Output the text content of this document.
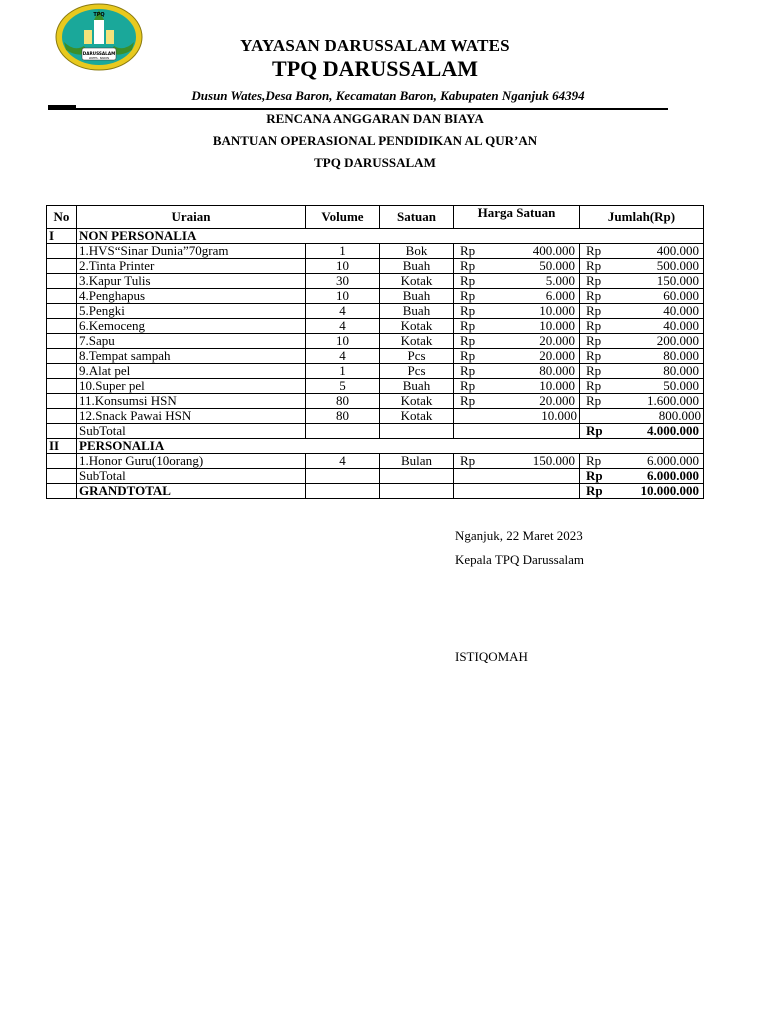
TPQ
DARUSSALAM
WATES · BARON
YAYASAN DARUSSALAM WATES
TPQ DARUSSALAM
Dusun Wates,Desa Baron, Kecamatan Baron, Kabupaten Nganjuk 64394
RENCANA ANGGARAN DAN BIAYA
BANTUAN OPERASIONAL PENDIDIKAN AL QUR’AN
TPQ DARUSSALAM
No	Uraian	Volume	Satuan	Harga Satuan	Jumlah(Rp)
I	NON PERSONALIA				
	1.HVS“Sinar Dunia”70gram	1	Bok	Rp 400.000	Rp 400.000

	2.Tinta Printer	10	Buah	Rp 50.000	Rp 500.000

	3.Kapur Tulis	30	Kotak	Rp 5.000	Rp 150.000

	4.Penghapus	10	Buah	Rp 6.000	Rp 60.000

	5.Pengki	4	Buah	Rp 10.000	Rp 40.000

	6.Kemoceng	4	Kotak	Rp 10.000	Rp 40.000

	7.Sapu	10	Kotak	Rp 20.000	Rp 200.000

	8.Tempat sampah	4	Pcs	Rp 20.000	Rp 80.000

	9.Alat pel	1	Pcs	Rp 80.000	Rp 80.000

	10.Super pel	5	Buah	Rp 10.000	Rp 50.000

	11.Konsumsi HSN	80	Kotak	Rp 20.000	Rp 1.600.000

	12.Snack Pawai HSN	80	Kotak	10.000	800.000
	SubTotal				Rp 4.000.000

II	PERSONALIA				
	1.Honor Guru(10orang)	4	Bulan	Rp 150.000	Rp 6.000.000

	SubTotal				Rp 6.000.000

	GRANDTOTAL				Rp 10.000.000
Nganjuk, 22 Maret 2023
Kepala TPQ Darussalam
ISTIQOMAH
